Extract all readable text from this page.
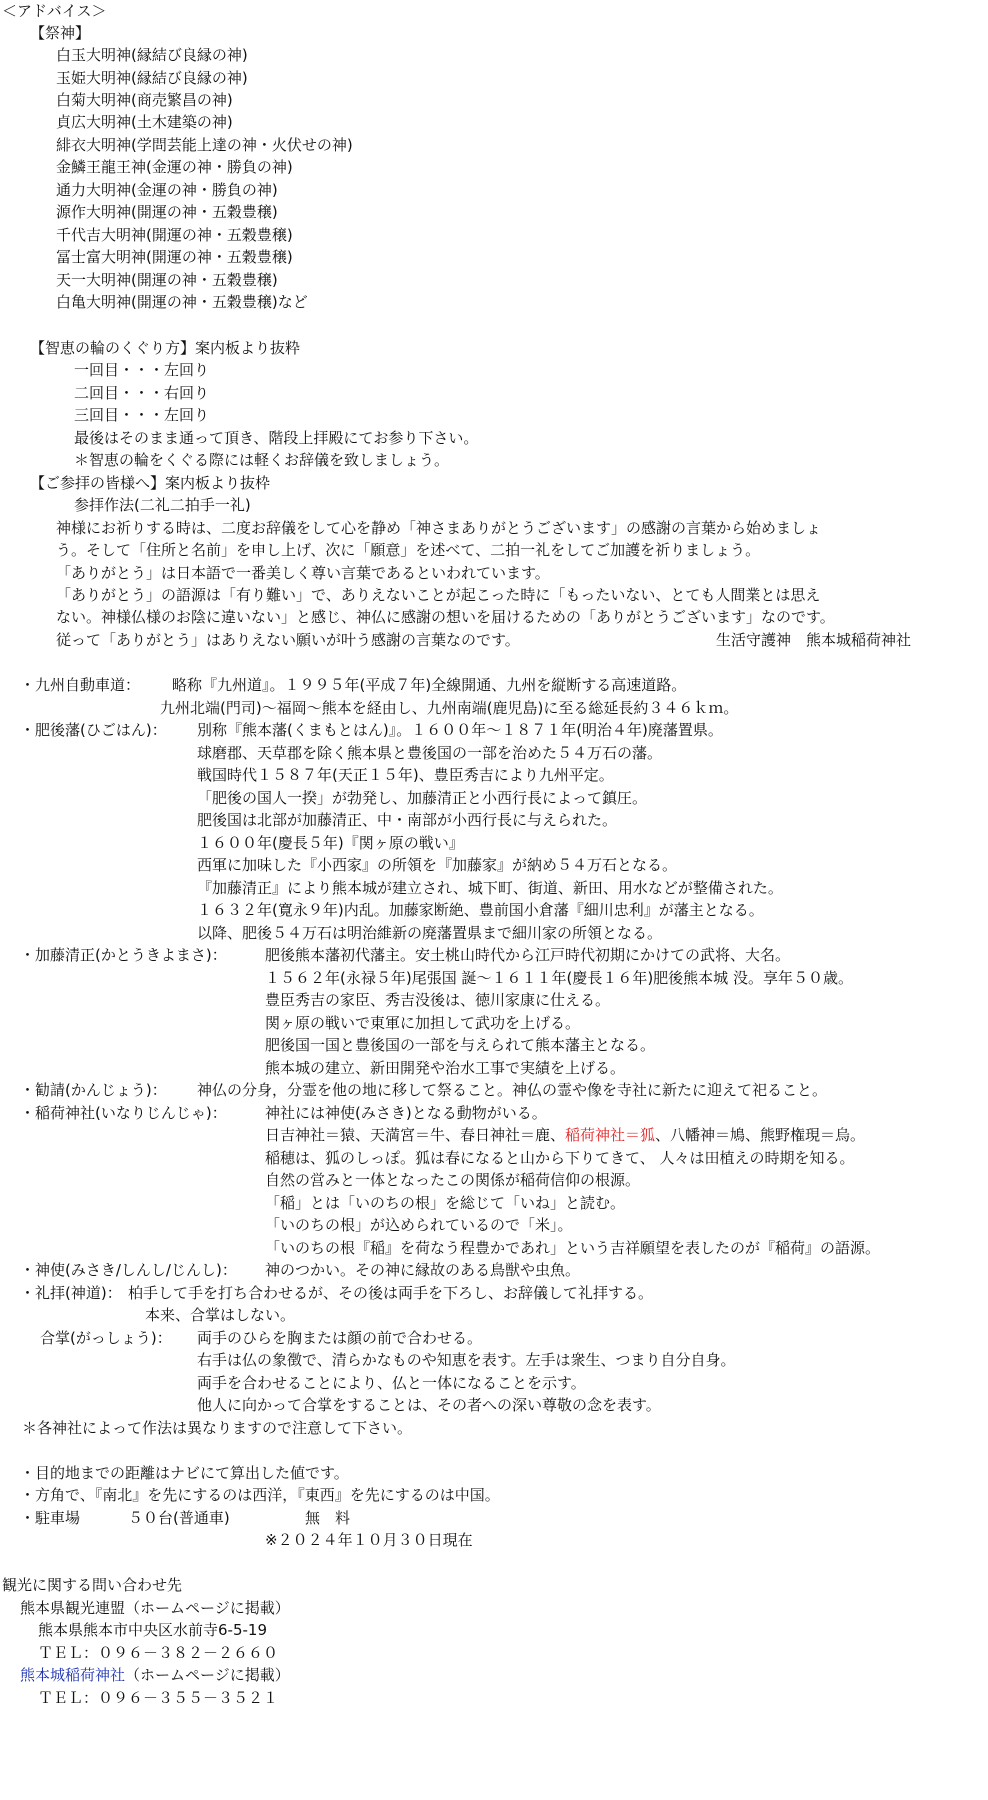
＜アドバイス＞
【祭神】
白玉大明神(縁結び良縁の神)
玉姫大明神(縁結び良縁の神)
白菊大明神(商売繁昌の神)
貞広大明神(土木建築の神)
緋衣大明神(学問芸能上達の神・火伏せの神)
金鱗王龍王神(金運の神・勝負の神)
通力大明神(金運の神・勝負の神)
源作大明神(開運の神・五穀豊穣)
千代吉大明神(開運の神・五穀豊穣)
冨士富大明神(開運の神・五穀豊穣)
天一大明神(開運の神・五穀豊穣)
白亀大明神(開運の神・五穀豊穣)など
【智恵の輪のくぐり方】案内板より抜粋
一回目・・・左回り
二回目・・・右回り
三回目・・・左回り
最後はそのまま通って頂き、階段上拝殿にてお参り下さい。
＊智恵の輪をくぐる際には軽くお辞儀を致しましょう。
【ご参拝の皆様へ】案内板より抜枠
参拝作法(二礼二拍手一礼)
神様にお祈りする時は、二度お辞儀をして心を静め「神さまありがとうございます」の感謝の言葉から始めましょ
う。そして「住所と名前」を申し上げ、次に「願意」を述べて、二拍一礼をしてご加護を祈りましょう。
「ありがとう」は日本語で一番美しく尊い言葉であるといわれています。
「ありがとう」の語源は「有り難い」で、ありえないことが起こった時に「もったいない、とても人間業とは思え
ない。神様仏様のお陰に違いない」と感じ、神仏に感謝の想いを届けるための「ありがとうございます」なのです。
従って「ありがとう」はありえない願いが叶う感謝の言葉なのです。	生活守護神　熊本城稲荷神社
・九州自動車道： 略称『九州道』。１９９５年(平成７年)全線開通、九州を縦断する高速道路。
九州北端(門司)～福岡～熊本を経由し、九州南端(鹿児島)に至る総延長約３４６ｋｍ。
・肥後藩(ひごはん)： 別称『熊本藩(くまもとはん)』。１６００年～１８７１年(明治４年)廃藩置県。
球磨郡、天草郡を除く熊本県と豊後国の一部を治めた５４万石の藩。
戦国時代１５８７年(天正１５年)、豊臣秀吉により九州平定。
「肥後の国人一揆」が勃発し、加藤清正と小西行長によって鎮圧。
肥後国は北部が加藤清正、中・南部が小西行長に与えられた。
１６００年(慶長５年)『関ヶ原の戦い』
西軍に加味した『小西家』の所領を『加藤家』が納め５４万石となる。
『加藤清正』により熊本城が建立され、城下町、街道、新田、用水などが整備された。
１６３２年(寛永９年)内乱。加藤家断絶、豊前国小倉藩『細川忠利』が藩主となる。
以降、肥後５４万石は明治維新の廃藩置県まで細川家の所領となる。
・加藤清正(かとうきよまさ)：	肥後熊本藩初代藩主。安土桃山時代から江戸時代初期にかけての武将、大名。
１５６２年(永禄５年)尾張国 誕～１６１１年(慶長１６年)肥後熊本城 没。享年５０歳。
豊臣秀吉の家臣、秀吉没後は、徳川家康に仕える。
関ヶ原の戦いで東軍に加担して武功を上げる。
肥後国一国と豊後国の一部を与えられて熊本藩主となる。
熊本城の建立、新田開発や治水工事で実績を上げる。
・勧請(かんじょう)： 神仏の分身，分霊を他の地に移して祭ること。神仏の霊や像を寺社に新たに迎えて祀ること。
・稲荷神社(いなりじんじゃ)：	神社には神使(みさき)となる動物がいる。
日吉神社＝猿、天満宮＝牛、春日神社＝鹿、稲荷神社＝狐、八幡神＝鳩、熊野権現＝烏。
稲穂は、狐のしっぽ。狐は春になると山から下りてきて、 人々は田植えの時期を知る。
自然の営みと一体となったこの関係が稲荷信仰の根源。
「稲」とは「いのちの根」を総じて「いね」と読む。
「いのちの根」が込められているので「米」。
「いのちの根『稲』を荷なう程豊かであれ」という吉祥願望を表したのが『稲荷』の語源。
・神使(みさき/しんし/じんし)： 神のつかい。その神に縁故のある鳥獣や虫魚。
・礼拝(神道)： 柏手して手を打ち合わせるが、その後は両手を下ろし、お辞儀して礼拝する。
本来、合掌はしない。
合掌(がっしょう)： 両手のひらを胸または顔の前で合わせる。
右手は仏の象徴で、清らかなものや知恵を表す。左手は衆生、つまり自分自身。
両手を合わせることにより、仏と一体になることを示す。
他人に向かって合掌をすることは、その者への深い尊敬の念を表す。
＊各神社によって作法は異なりますので注意して下さい。
・目的地までの距離はナビにて算出した値です。
・方角で、『南北』を先にするのは西洋，『東西』を先にするのは中国。
・駐車場	５０台(普通車)	無　料
※２０２４年１０月３０日現在
観光に関する問い合わせ先
熊本県観光連盟（ホームページに掲載）
熊本県熊本市中央区水前寺6-5-19
ＴＥＬ：０９６－３８２－２６６０
熊本城稲荷神社（ホームページに掲載）
ＴＥＬ：０９６－３５５－３５２１
